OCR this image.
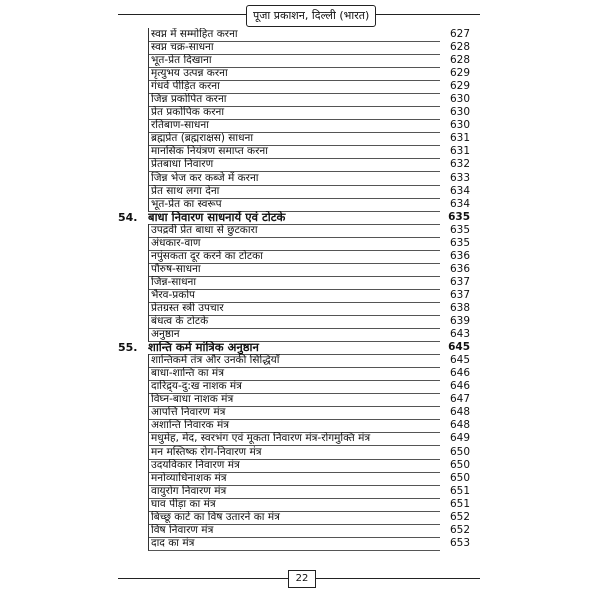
पूजा प्रकाशन, दिल्ली (भारत)
स्वप्न में सम्मोहित करना	627
स्वप्न चक्र-साधना	628
भूत-प्रेत दिखाना	628
मृत्युभय उत्पन्न करना	629
गंधर्व पीड़ित करना	629
जिन्न प्रकोपित करना	630
प्रेत प्रकोपिक करना	630
रतिबाण-साधना	630
ब्रह्मप्रेत (ब्रह्मराक्षस) साधना	631
मानसिक नियंत्रण समाप्त करना	631
प्रेतबाधा निवारण	632
जिन्न भेज कर कब्जे में करना	633
प्रेत साथ लगा देना	634
भूत-प्रेत का स्वरूप	634
54. बाधा निवारण साधनायें एवं टोटके	635
उपद्रवी प्रेत बाधा से छुटकारा	635
अंधकार-वाण	635
नपुंसकता दूर करने का टोटका	636
पौरुष-साधना	636
जिन्न-साधना	637
भैरव-प्रकोप	637
प्रेतग्रस्त स्त्री उपचार	638
बंधत्व के टोटके	639
अनुष्ठान	643
55. शान्ति कर्म मांत्रिक अनुष्ठान	645
शान्तिकर्म तंत्र और उनकी सिद्धियाँ	645
बाधा-शान्ति का मंत्र	646
दारिद्र्य-दु:ख नाशक मंत्र	646
विघ्न-बाधा नाशक मंत्र	647
आपत्ति निवारण मंत्र	648
अशान्ति निवारक मंत्र	648
मधुमेह, मेद, स्वरभंग एवं मूकता निवारण मंत्र-रोगमुक्ति मंत्र	649
मन मस्तिष्क रोग-निवारण मंत्र	650
उदयविकार निवारण मंत्र	650
मनोव्याधिनाशक मंत्र	650
वायुरोग निवारण मंत्र	651
घाव पीड़ा का मंत्र	651
बिच्छू काटे का विष उतारने का मंत्र	652
विष निवारण मंत्र	652
दाद का मंत्र	653
22
